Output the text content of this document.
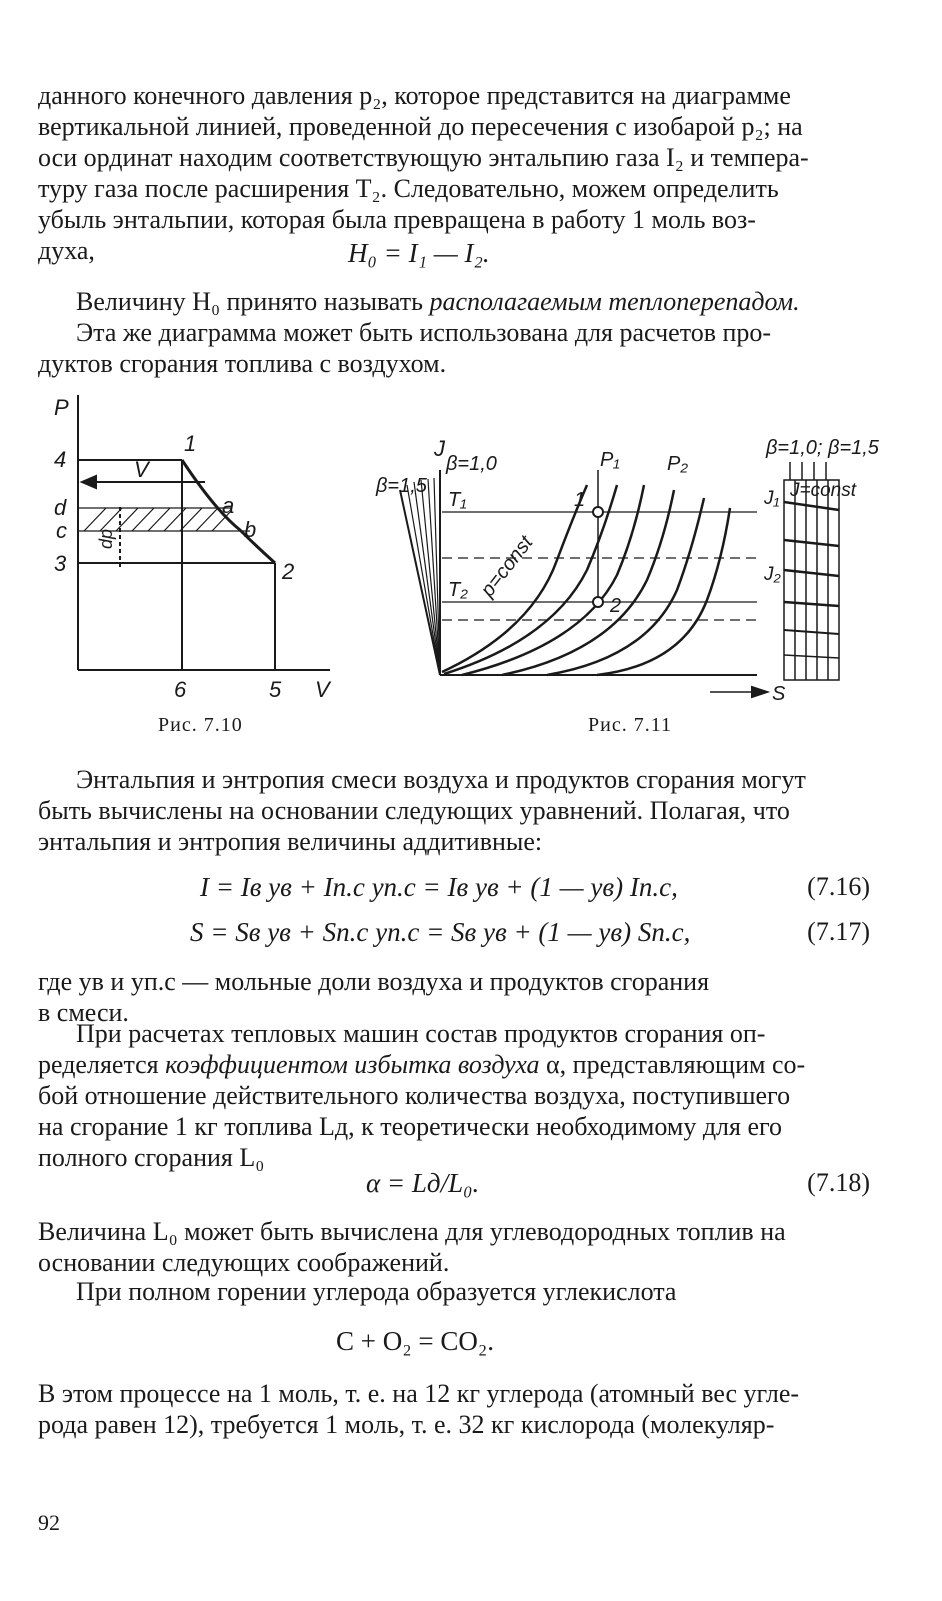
данного конечного давления p₂, которое представится на диаграмме
вертикальной линией, проведенной до пересечения с изобарой p₂; на
оси ординат находим соответствующую энтальпию газа I₂ и темпера-
туру газа после расширения T₂. Следовательно, можем определить
убыль энтальпии, которая была превращена в работу 1 моль воз-
духа,	H₀ = I₁ — I₂.
Величину H₀ принято называть располагаемым теплоперепадом.
Эта же диаграмма может быть использована для расчетов про-
дуктов сгорания топлива с воздухом.
P
4
d
c
3
1
V
a
b
2
dp
6	5 V
Рис. 7.10
J
β=1,5
β=1,0
T₁
T₂ p=const
P₁ P₂
1
2
S
β=1,0; β=1,5
J₁
J₂
J=const
Рис. 7.11
Энтальпия и энтропия смеси воздуха и продуктов сгорания могут
быть вычислены на основании следующих уравнений. Полагая, что
энтальпия и энтропия величины аддитивные:
I = Iв yв + Iп.с yп.с = Iв yв + (1 — yв) Iп.с,	(7.16)
S = Sв yв + Sп.с yп.с = Sв yв + (1 — yв) Sп.с,	(7.17)
где yв и yп.с — мольные доли воздуха и продуктов сгорания
в смеси.
При расчетах тепловых машин состав продуктов сгорания оп-
ределяется коэффициентом избытка воздуха α, представляющим со-
бой отношение действительного количества воздуха, поступившего
на сгорание 1 кг топлива Lд, к теоретически необходимому для его
полного сгорания L₀
α = Lд/L₀.	(7.18)
Величина L₀ может быть вычислена для углеводородных топлив на
основании следующих соображений.
При полном горении углерода образуется углекислота
C + O₂ = CO₂.
В этом процессе на 1 моль, т. е. на 12 кг углерода (атомный вес угле-
рода равен 12), требуется 1 моль, т. е. 32 кг кислорода (молекуляр-
92
